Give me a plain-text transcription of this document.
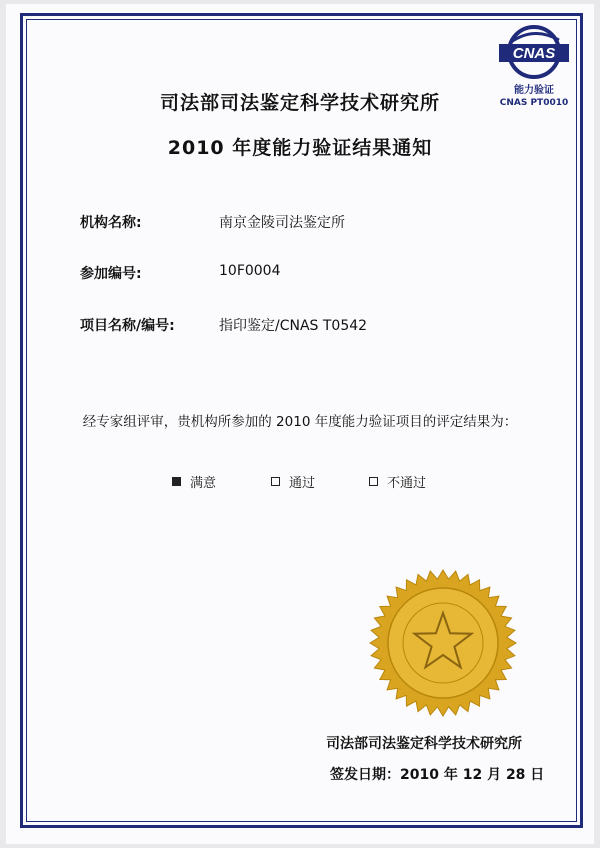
CNAS
能力验证
CNAS PT0010
司法部司法鉴定科学技术研究所
2010 年度能力验证结果通知
机构名称:	南京金陵司法鉴定所
参加编号:	10F0004
项目名称/编号:	指印鉴定/CNAS T0542
经专家组评审，贵机构所参加的 2010 年度能力验证项目的评定结果为：
满意	通过	不通过
司法部司法鉴定科学技术研究所
签发日期：2010 年 12 月 28 日
